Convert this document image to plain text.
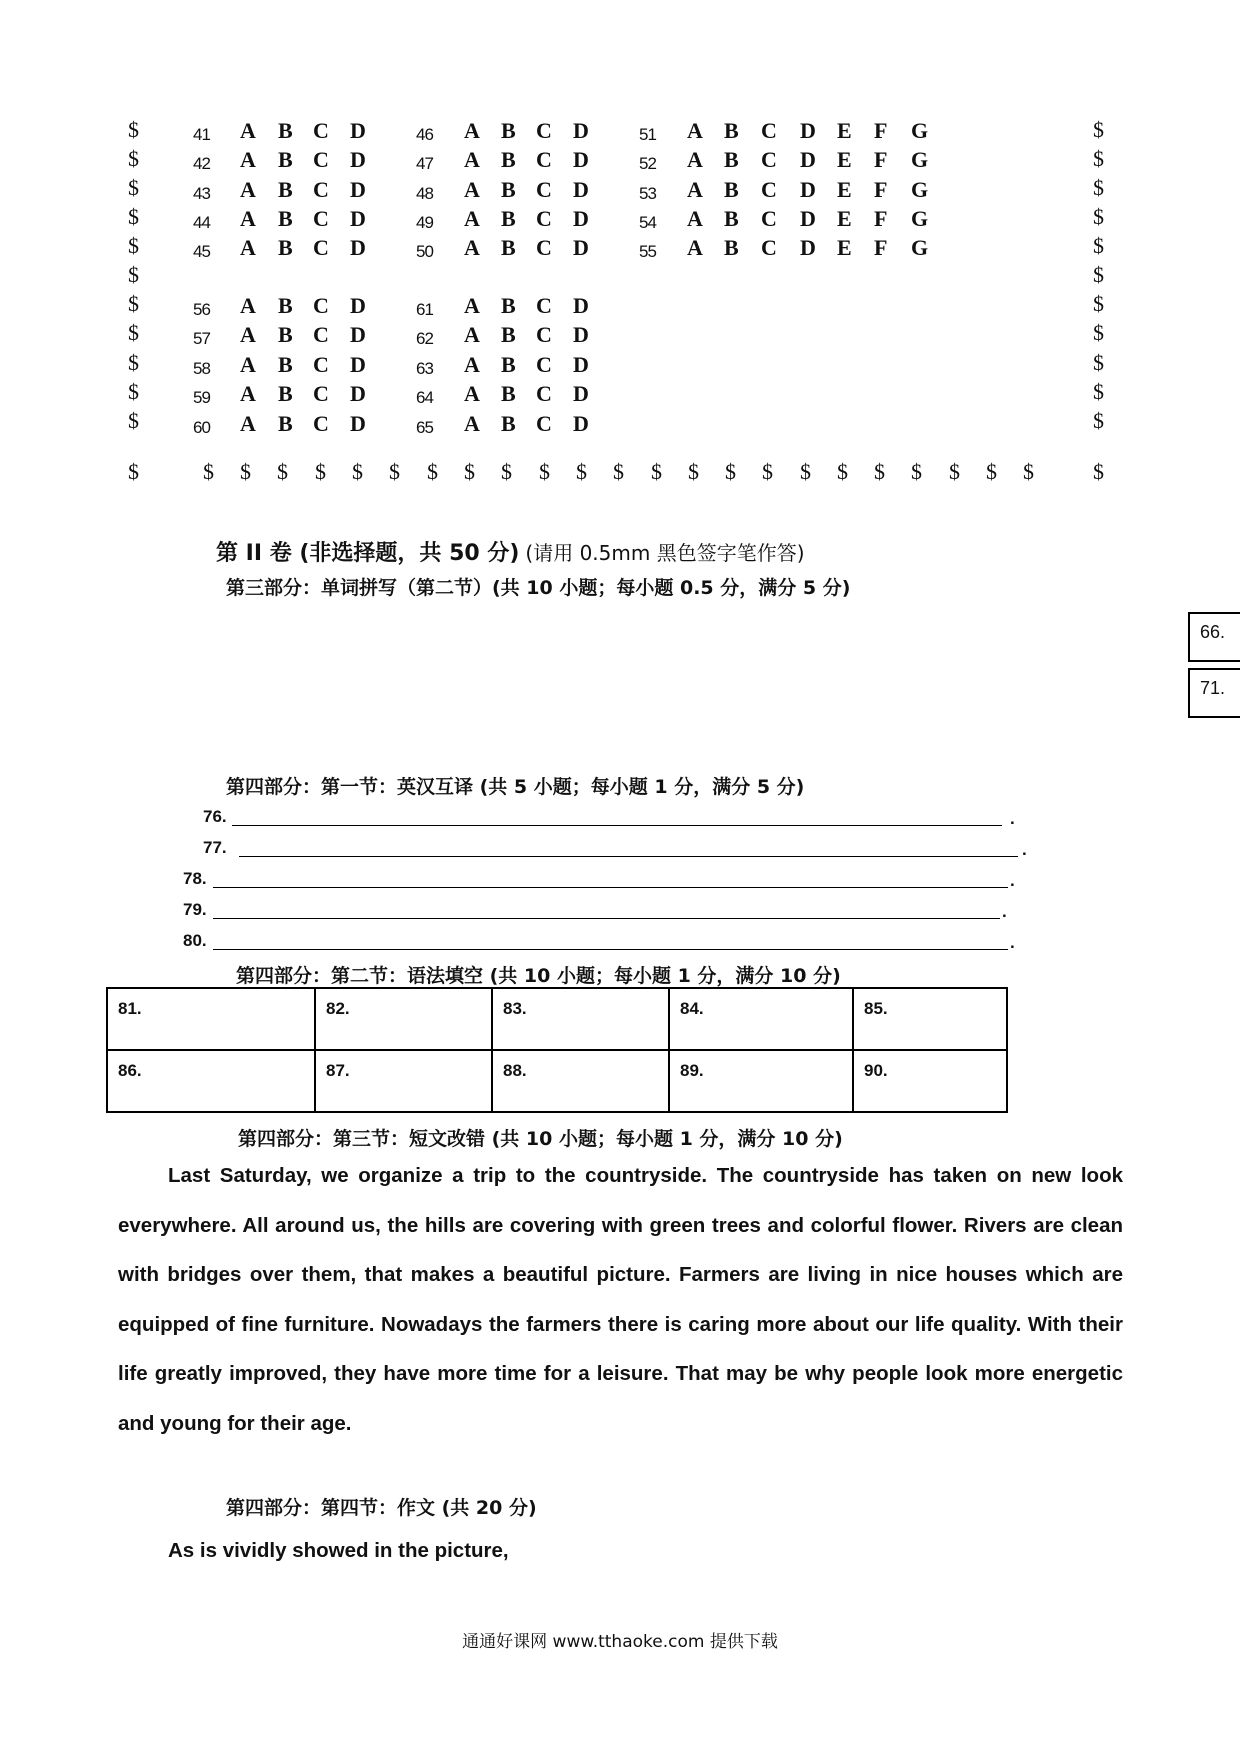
$	$
$	$
$	$
$	$
$	$
$	$
$	$
$	$
$	$
$	$
$	$
$	$ $ $ $ $ $ $ $ $ $ $ $ $ $ $ $ $ $ $ $ $ $ $	$
41 A B C D	46 A B C D	51 A B C D E F G
42 A B C D	47 A B C D	52 A B C D E F G
43 A B C D	48 A B C D	53 A B C D E F G
44 A B C D	49 A B C D	54 A B C D E F G
45 A B C D	50 A B C D	55 A B C D E F G
56 A B C D	61 A B C D
57 A B C D	62 A B C D
58 A B C D	63 A B C D
59 A B C D	64 A B C D
60 A B C D	65 A B C D
第 II 卷 (非选择题，共 50 分) (请用 0.5mm 黑色签字笔作答)
第三部分：单词拼写（第二节）(共 10 小题；每小题 0.5 分，满分 5 分)
66.
71.
第四部分：第一节：英汉互译 (共 5 小题；每小题 1 分，满分 5 分)
76.	.
77.	.
78.	.
79.	.
80.	.
第四部分：第二节：语法填空 (共 10 小题；每小题 1 分，满分 10 分)
81.	82.	83.	84.	85.
86.	87.	88.	89.	90.
第四部分：第三节：短文改错 (共 10 小题；每小题 1 分，满分 10 分)

Last Saturday, we organize a trip to the countryside. The countryside has taken on new look everywhere. All around us, the hills are covering with green trees and colorful flower. Rivers are clean with bridges over them, that makes a beautiful picture. Farmers are living in nice houses which are equipped of fine furniture. Nowadays the farmers there is caring more about our life quality. With their life greatly improved, they have more time for a leisure. That may be why people look more energetic and young for their age.

第四部分：第四节：作文 (共 20 分)
As is vividly showed in the picture,
通通好课网 www.tthaoke.com 提供下载
